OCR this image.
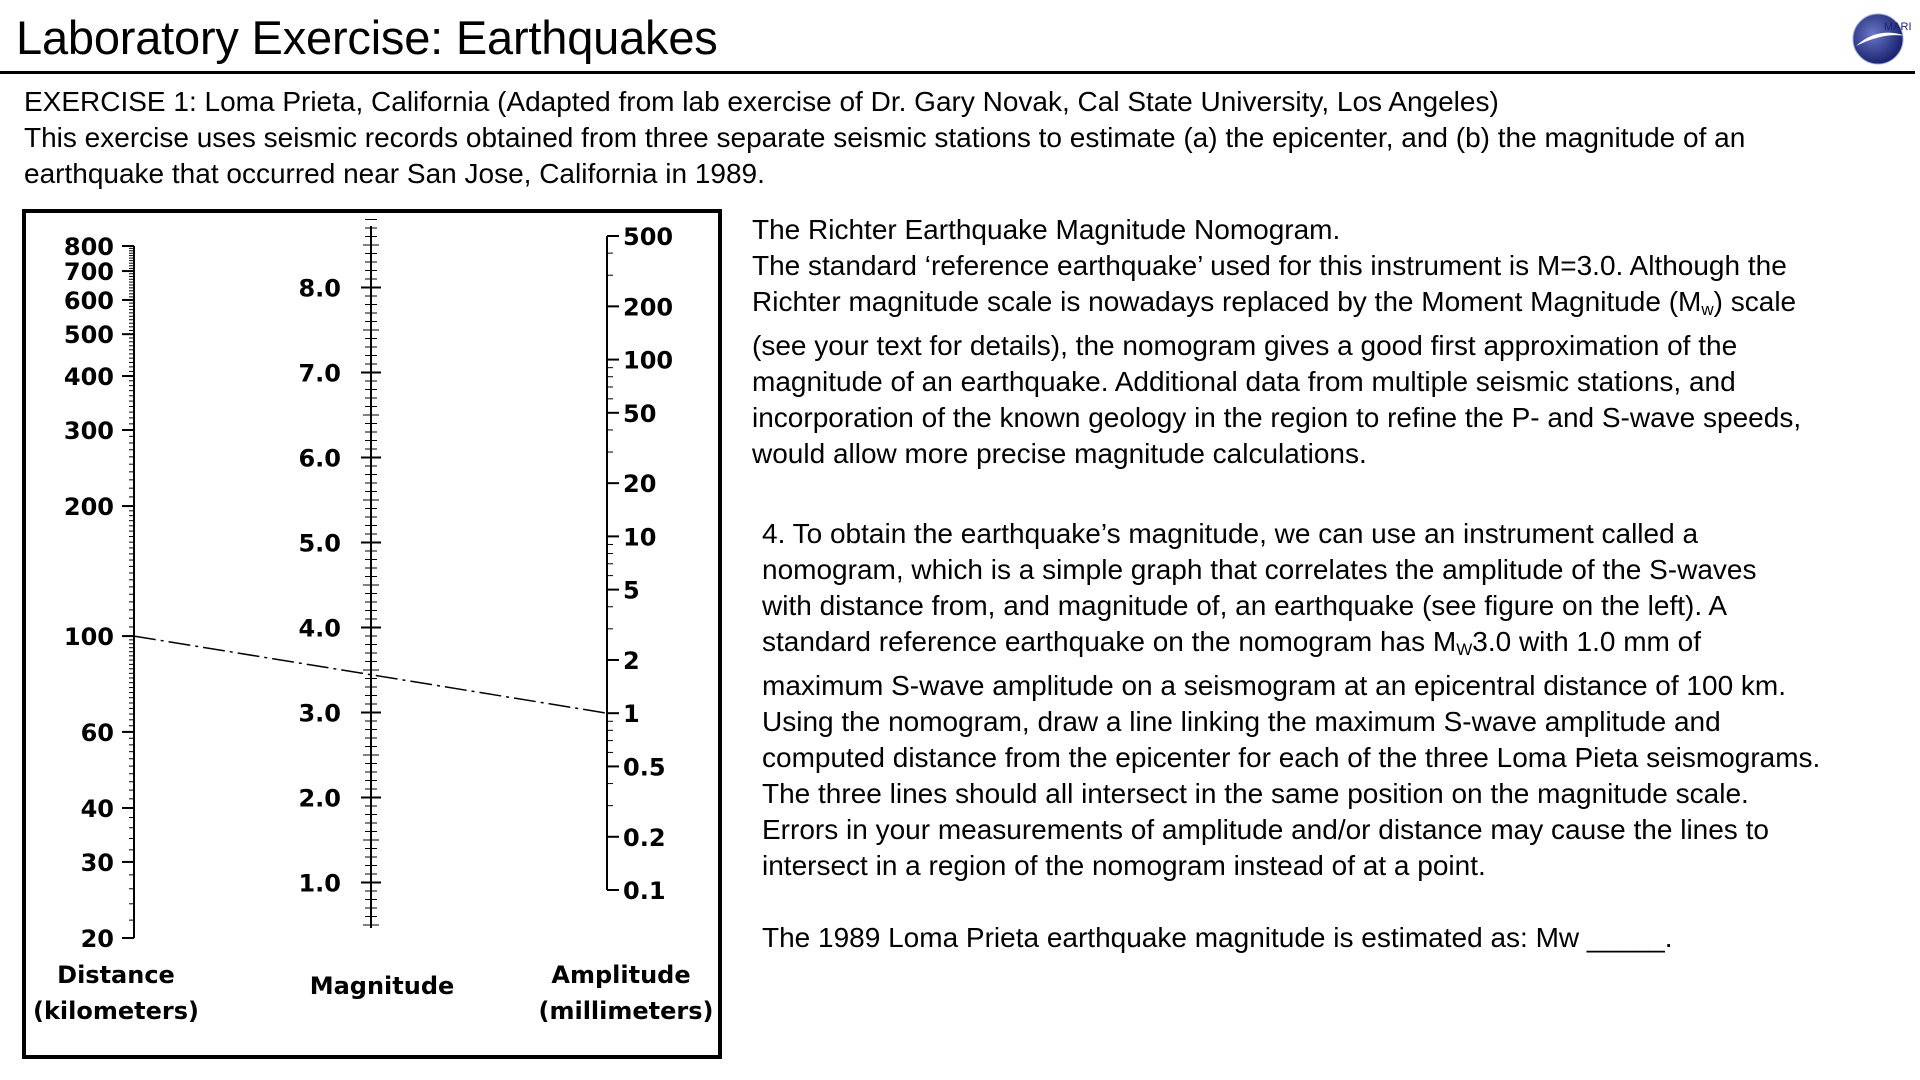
Laboratory Exercise: Earthquakes	MARI
EXERCISE 1: Loma Prieta, California (Adapted from lab exercise of Dr. Gary Novak, Cal State University, Los Angeles)
This exercise uses seismic records obtained from three separate seismic stations to estimate (a) the epicenter, and (b) the magnitude of an
earthquake that occurred near San Jose, California in 1989.
800
700
600
500
400
300
200
100
60
40
30
20
Distance
(kilometers)
8.0
7.0
6.0
5.0
4.0
3.0
2.0
1.0
Magnitude
500
200
100
50
20
10
5
2
1
0.5
0.2
0.1
Amplitude
(millimeters)
The Richter Earthquake Magnitude Nomogram.
The standard ‘reference earthquake’ used for this instrument is M=3.0. Although the
Richter magnitude scale is nowadays replaced by the Moment Magnitude $(M_w)$ scale
(see your text for details), the nomogram gives a good first approximation of the
magnitude of an earthquake. Additional data from multiple seismic stations, and
incorporation of the known geology in the region to refine the P- and S-wave speeds,
would allow more precise magnitude calculations.
4. To obtain the earthquake’s magnitude, we can use an instrument called a
nomogram, which is a simple graph that correlates the amplitude of the S-waves
with distance from, and magnitude of, an earthquake (see figure on the left). A
standard reference earthquake on the nomogram has $M_W3.0$ with 1.0 mm of
maximum S-wave amplitude on a seismogram at an epicentral distance of 100 km.
Using the nomogram, draw a line linking the maximum S-wave amplitude and
computed distance from the epicenter for each of the three Loma Pieta seismograms.
The three lines should all intersect in the same position on the magnitude scale.
Errors in your measurements of amplitude and/or distance may cause the lines to
intersect in a region of the nomogram instead of at a point.
The 1989 Loma Prieta earthquake magnitude is estimated as: Mw _____.
